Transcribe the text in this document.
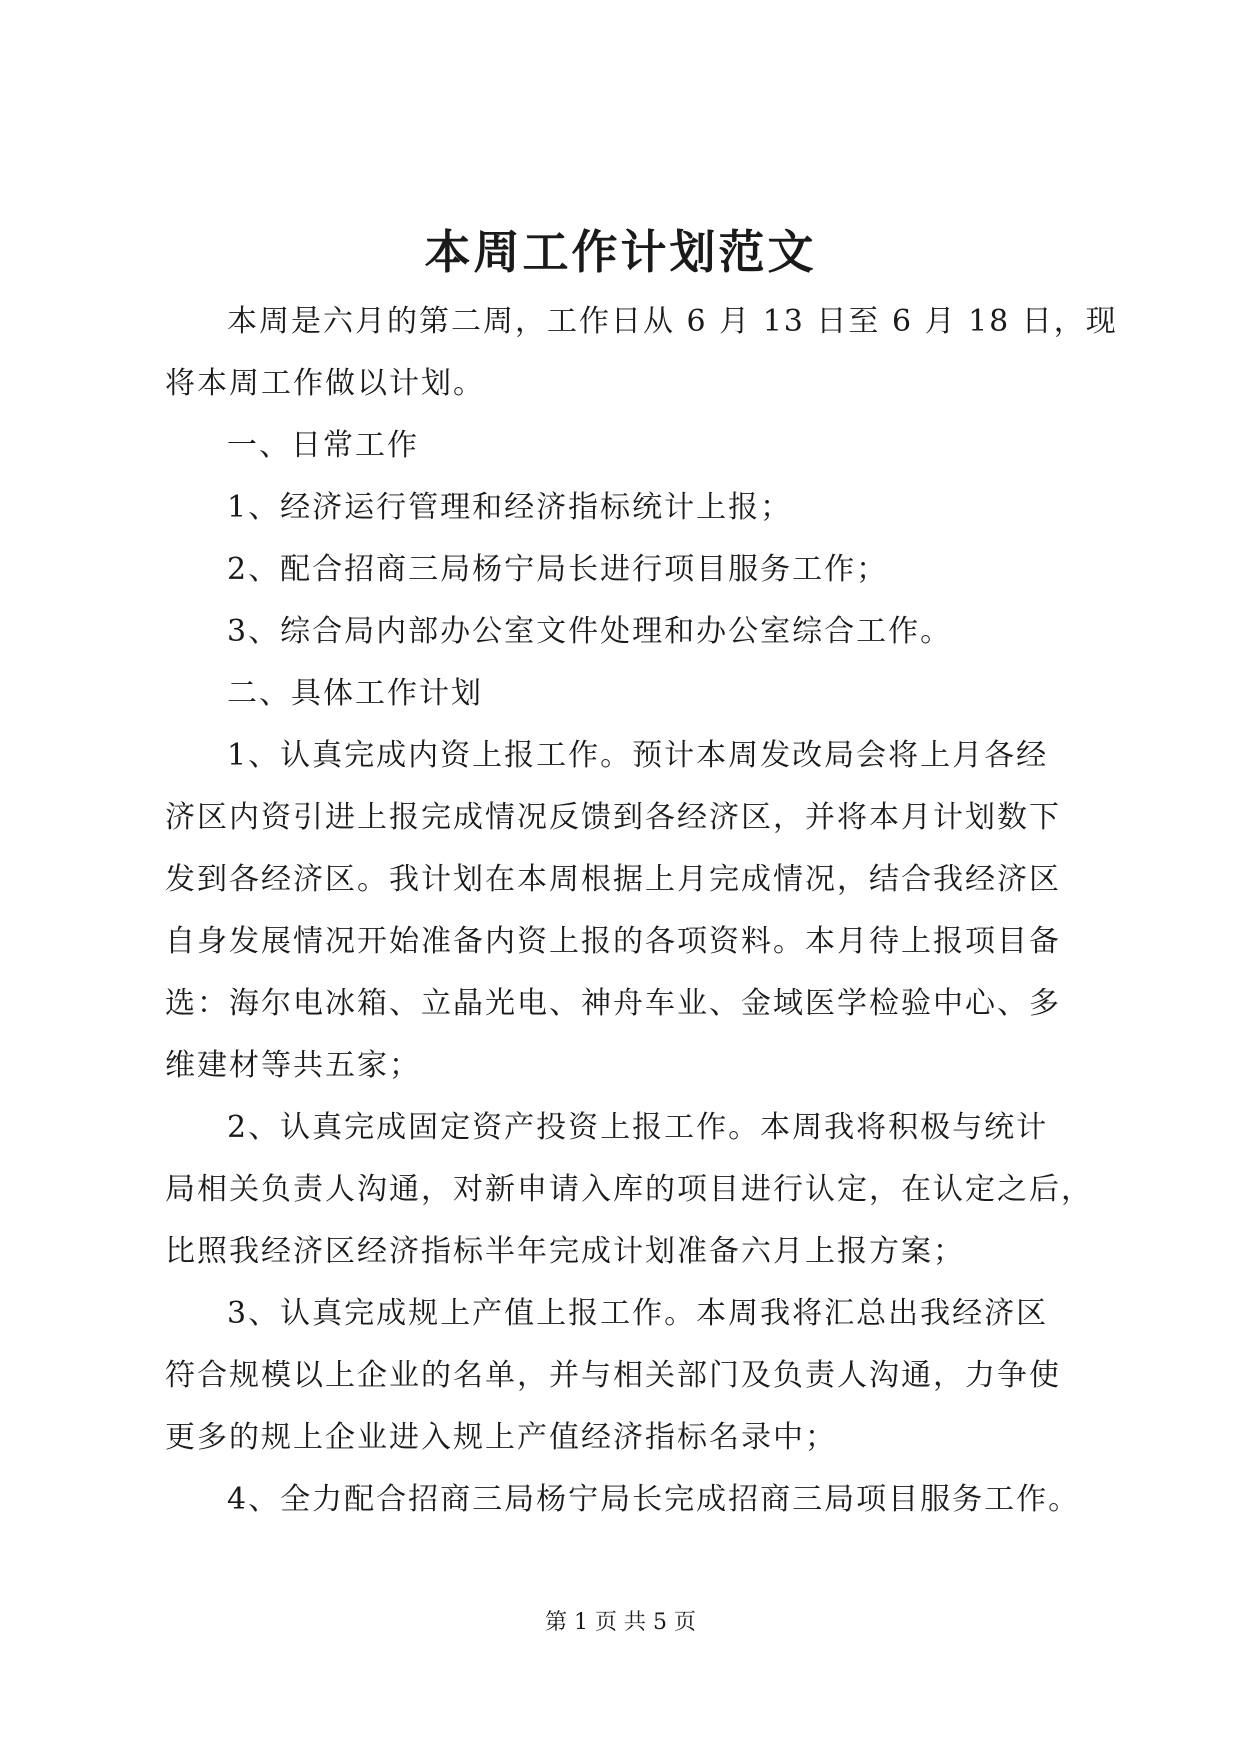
本周工作计划范文
本周是六月的第二周，工作日从 6 月 13 日至 6 月 18 日，现
将本周工作做以计划。
一、日常工作
1、经济运行管理和经济指标统计上报；
2、配合招商三局杨宁局长进行项目服务工作；
3、综合局内部办公室文件处理和办公室综合工作。
二、具体工作计划
1、认真完成内资上报工作。预计本周发改局会将上月各经
济区内资引进上报完成情况反馈到各经济区，并将本月计划数下
发到各经济区。我计划在本周根据上月完成情况，结合我经济区
自身发展情况开始准备内资上报的各项资料。本月待上报项目备
选：海尔电冰箱、立晶光电、神舟车业、金域医学检验中心、多
维建材等共五家；
2、认真完成固定资产投资上报工作。本周我将积极与统计
局相关负责人沟通，对新申请入库的项目进行认定，在认定之后，
比照我经济区经济指标半年完成计划准备六月上报方案；
3、认真完成规上产值上报工作。本周我将汇总出我经济区
符合规模以上企业的名单，并与相关部门及负责人沟通，力争使
更多的规上企业进入规上产值经济指标名录中；
4、全力配合招商三局杨宁局长完成招商三局项目服务工作。
第 1 页 共 5 页
